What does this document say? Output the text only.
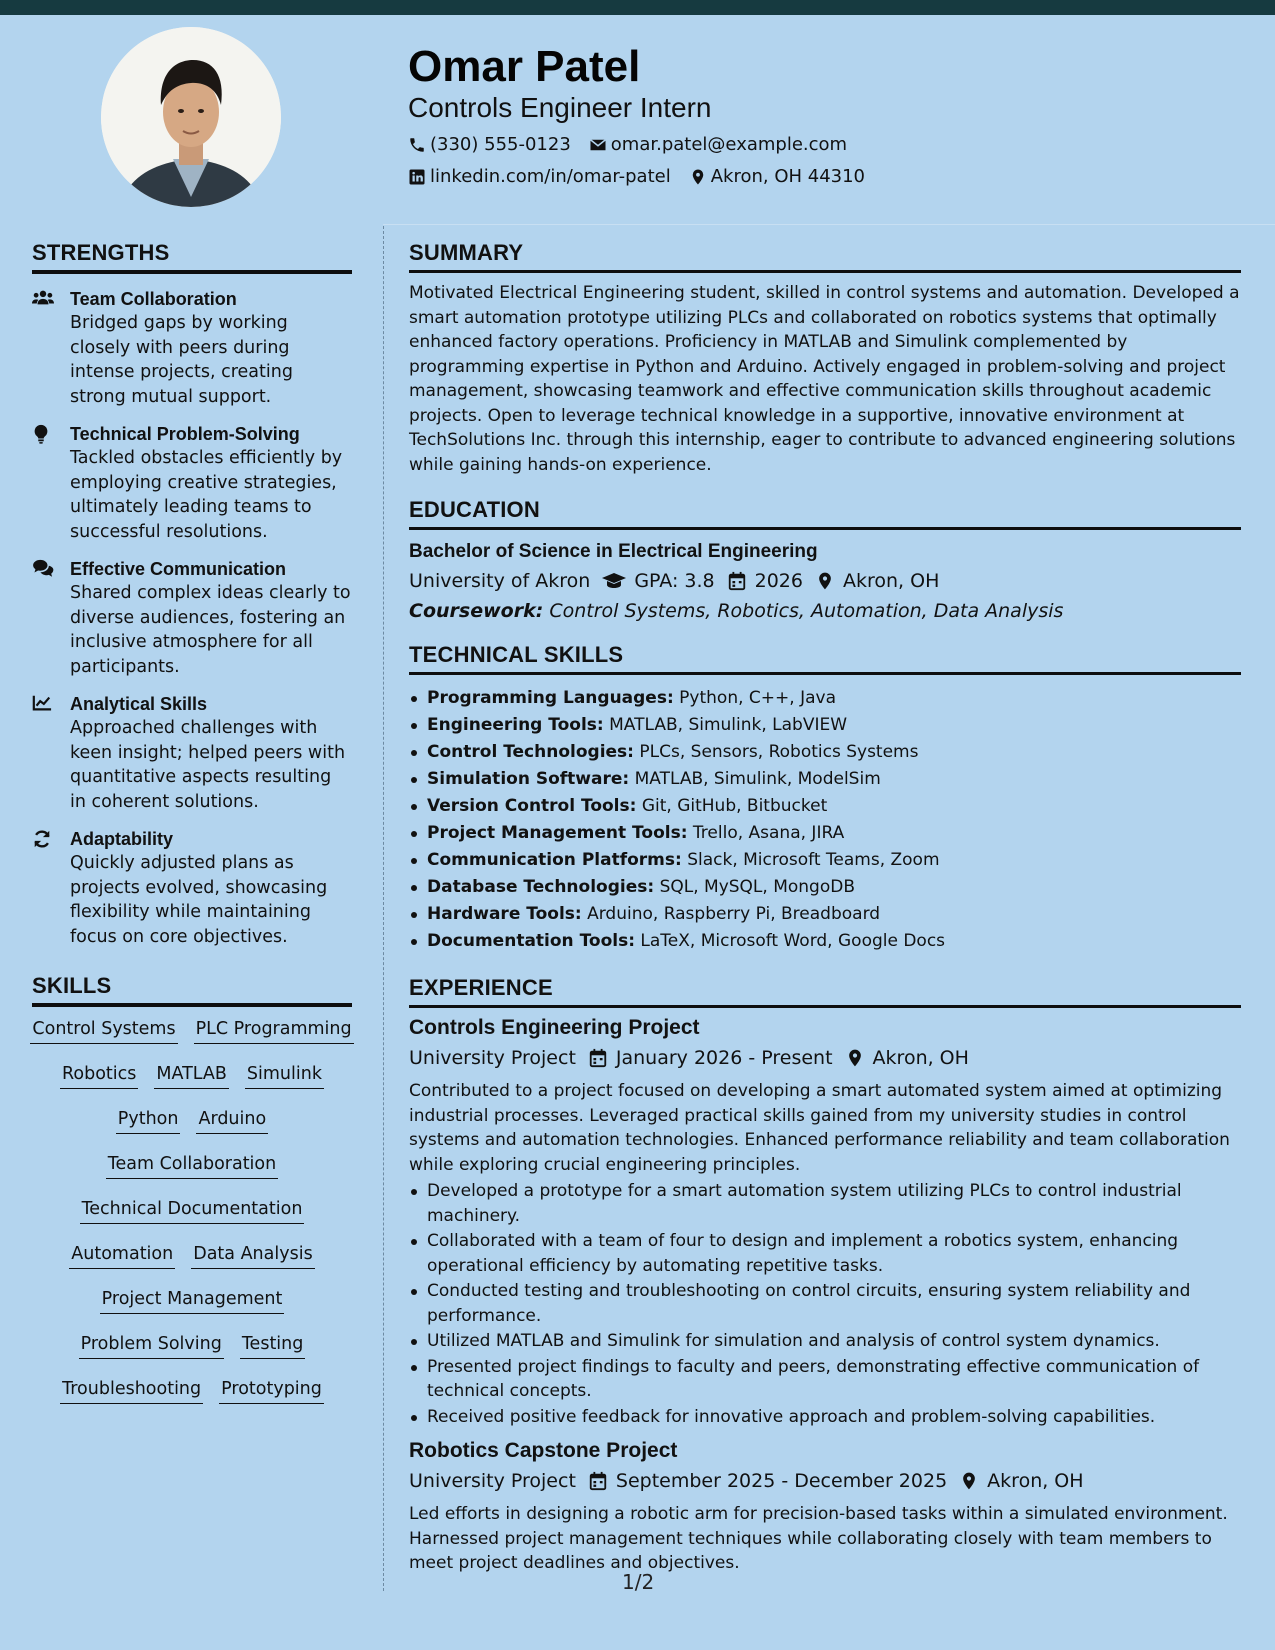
Omar Patel
Controls Engineer Intern
(330) 555-0123 omar.patel@example.com
linkedin.com/in/omar-patel Akron, OH 44310
STRENGTHS
Team Collaboration
Bridged gaps by working closely with peers during intense projects, creating strong mutual support.
Technical Problem-Solving
Tackled obstacles efficiently by employing creative strategies, ultimately leading teams to successful resolutions.
Effective Communication
Shared complex ideas clearly to diverse audiences, fostering an inclusive atmosphere for all participants.
Analytical Skills
Approached challenges with keen insight; helped peers with quantitative aspects resulting in coherent solutions.
Adaptability
Quickly adjusted plans as projects evolved, showcasing flexibility while maintaining focus on core objectives.
SKILLS
Control Systems PLC Programming
Robotics MATLAB Simulink
Python Arduino
Team Collaboration
Technical Documentation
Automation Data Analysis
Project Management
Problem Solving Testing
Troubleshooting Prototyping
SUMMARY
Motivated Electrical Engineering student, skilled in control systems and automation. Developed a smart automation prototype utilizing PLCs and collaborated on robotics systems that optimally enhanced factory operations. Proficiency in MATLAB and Simulink complemented by programming expertise in Python and Arduino. Actively engaged in problem-solving and project management, showcasing teamwork and effective communication skills throughout academic projects. Open to leverage technical knowledge in a supportive, innovative environment at TechSolutions Inc. through this internship, eager to contribute to advanced engineering solutions while gaining hands-on experience.
EDUCATION
Bachelor of Science in Electrical Engineering
University of Akron GPA: 3.8 2026 Akron, OH
Coursework: Control Systems, Robotics, Automation, Data Analysis
TECHNICAL SKILLS
Programming Languages: Python, C++, Java
Engineering Tools: MATLAB, Simulink, LabVIEW
Control Technologies: PLCs, Sensors, Robotics Systems
Simulation Software: MATLAB, Simulink, ModelSim
Version Control Tools: Git, GitHub, Bitbucket
Project Management Tools: Trello, Asana, JIRA
Communication Platforms: Slack, Microsoft Teams, Zoom
Database Technologies: SQL, MySQL, MongoDB
Hardware Tools: Arduino, Raspberry Pi, Breadboard
Documentation Tools: LaTeX, Microsoft Word, Google Docs
EXPERIENCE
Controls Engineering Project
University Project January 2026 - Present Akron, OH
Contributed to a project focused on developing a smart automated system aimed at optimizing industrial processes. Leveraged practical skills gained from my university studies in control systems and automation technologies. Enhanced performance reliability and team collaboration while exploring crucial engineering principles.
Developed a prototype for a smart automation system utilizing PLCs to control industrial machinery.
Collaborated with a team of four to design and implement a robotics system, enhancing operational efficiency by automating repetitive tasks.
Conducted testing and troubleshooting on control circuits, ensuring system reliability and performance.
Utilized MATLAB and Simulink for simulation and analysis of control system dynamics.
Presented project findings to faculty and peers, demonstrating effective communication of technical concepts.
Received positive feedback for innovative approach and problem-solving capabilities.
Robotics Capstone Project
University Project September 2025 - December 2025 Akron, OH
Led efforts in designing a robotic arm for precision-based tasks within a simulated environment. Harnessed project management techniques while collaborating closely with team members to meet project deadlines and objectives.
1/2
